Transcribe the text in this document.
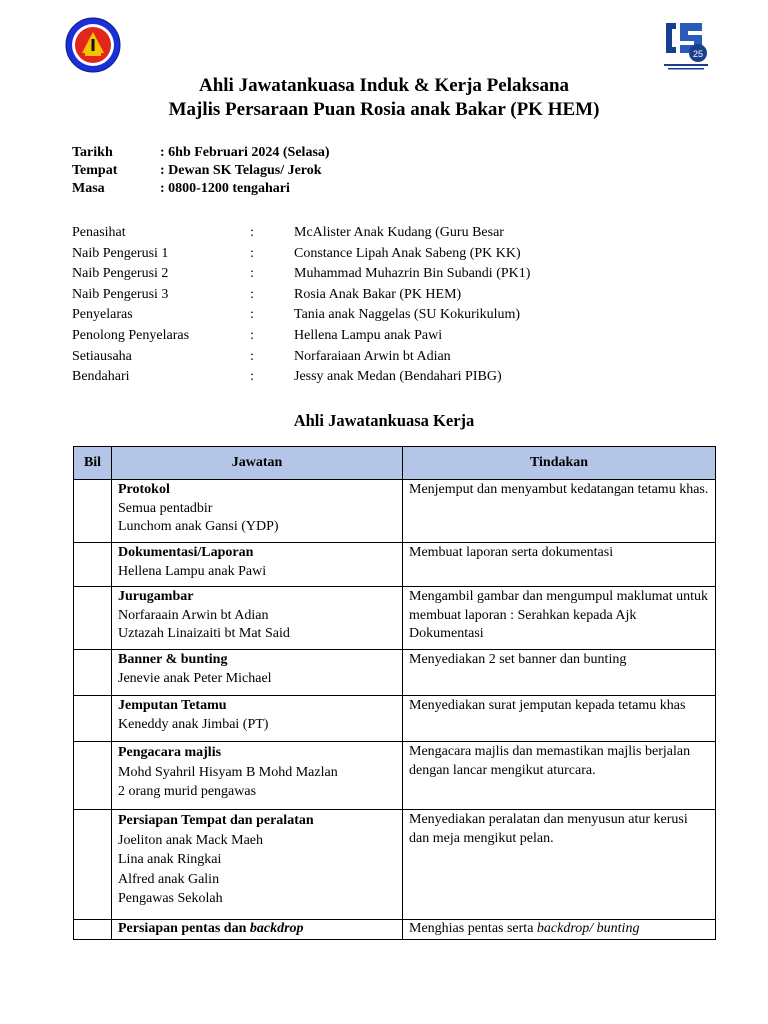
25
Ahli Jawatankuasa Induk & Kerja Pelaksana
Majlis Persaraan Puan Rosia anak Bakar (PK HEM)
Tarikh	: 6hb Februari 2024 (Selasa)
Tempat	: Dewan SK Telagus/ Jerok
Masa	: 0800-1200 tengahari
Penasihat	:	McAlister Anak Kudang (Guru Besar
Naib Pengerusi 1	:	Constance Lipah Anak Sabeng (PK KK)
Naib Pengerusi 2	:	Muhammad Muhazrin Bin Subandi (PK1)
Naib Pengerusi 3	:	Rosia Anak Bakar (PK HEM)
Penyelaras	:	Tania anak Naggelas (SU Kokurikulum)
Penolong Penyelaras	:	Hellena Lampu anak Pawi
Setiausaha	:	Norfaraiaan Arwin bt Adian
Bendahari	:	Jessy anak Medan (Bendahari PIBG)
Ahli Jawatankuasa Kerja
Bil	Jawatan	Tindakan

	Protokol
Semua pentadbir
Lunchom anak Gansi (YDP)	Menjemput dan menyambut kedatangan tetamu khas.

	Dokumentasi/Laporan
Hellena Lampu anak Pawi	Membuat laporan serta dokumentasi

	Jurugambar
Norfaraain Arwin bt Adian
Uztazah Linaizaiti bt Mat Said	Mengambil gambar dan mengumpul maklumat untuk membuat laporan : Serahkan kepada Ajk Dokumentasi

	Banner & bunting
Jenevie anak Peter Michael	Menyediakan 2 set banner dan bunting

	Jemputan Tetamu
Keneddy anak Jimbai (PT)	Menyediakan surat jemputan kepada tetamu khas

	Pengacara majlis
Mohd Syahril Hisyam B Mohd Mazlan
2 orang murid pengawas	Mengacara majlis dan memastikan majlis berjalan dengan lancar mengikut aturcara.

	Persiapan Tempat dan peralatan
Joeliton anak Mack Maeh
Lina anak Ringkai
Alfred anak Galin
Pengawas Sekolah	Menyediakan peralatan dan menyusun atur kerusi dan meja mengikut pelan.
	Persiapan pentas dan backdrop	Menghias pentas serta backdrop/ bunting
